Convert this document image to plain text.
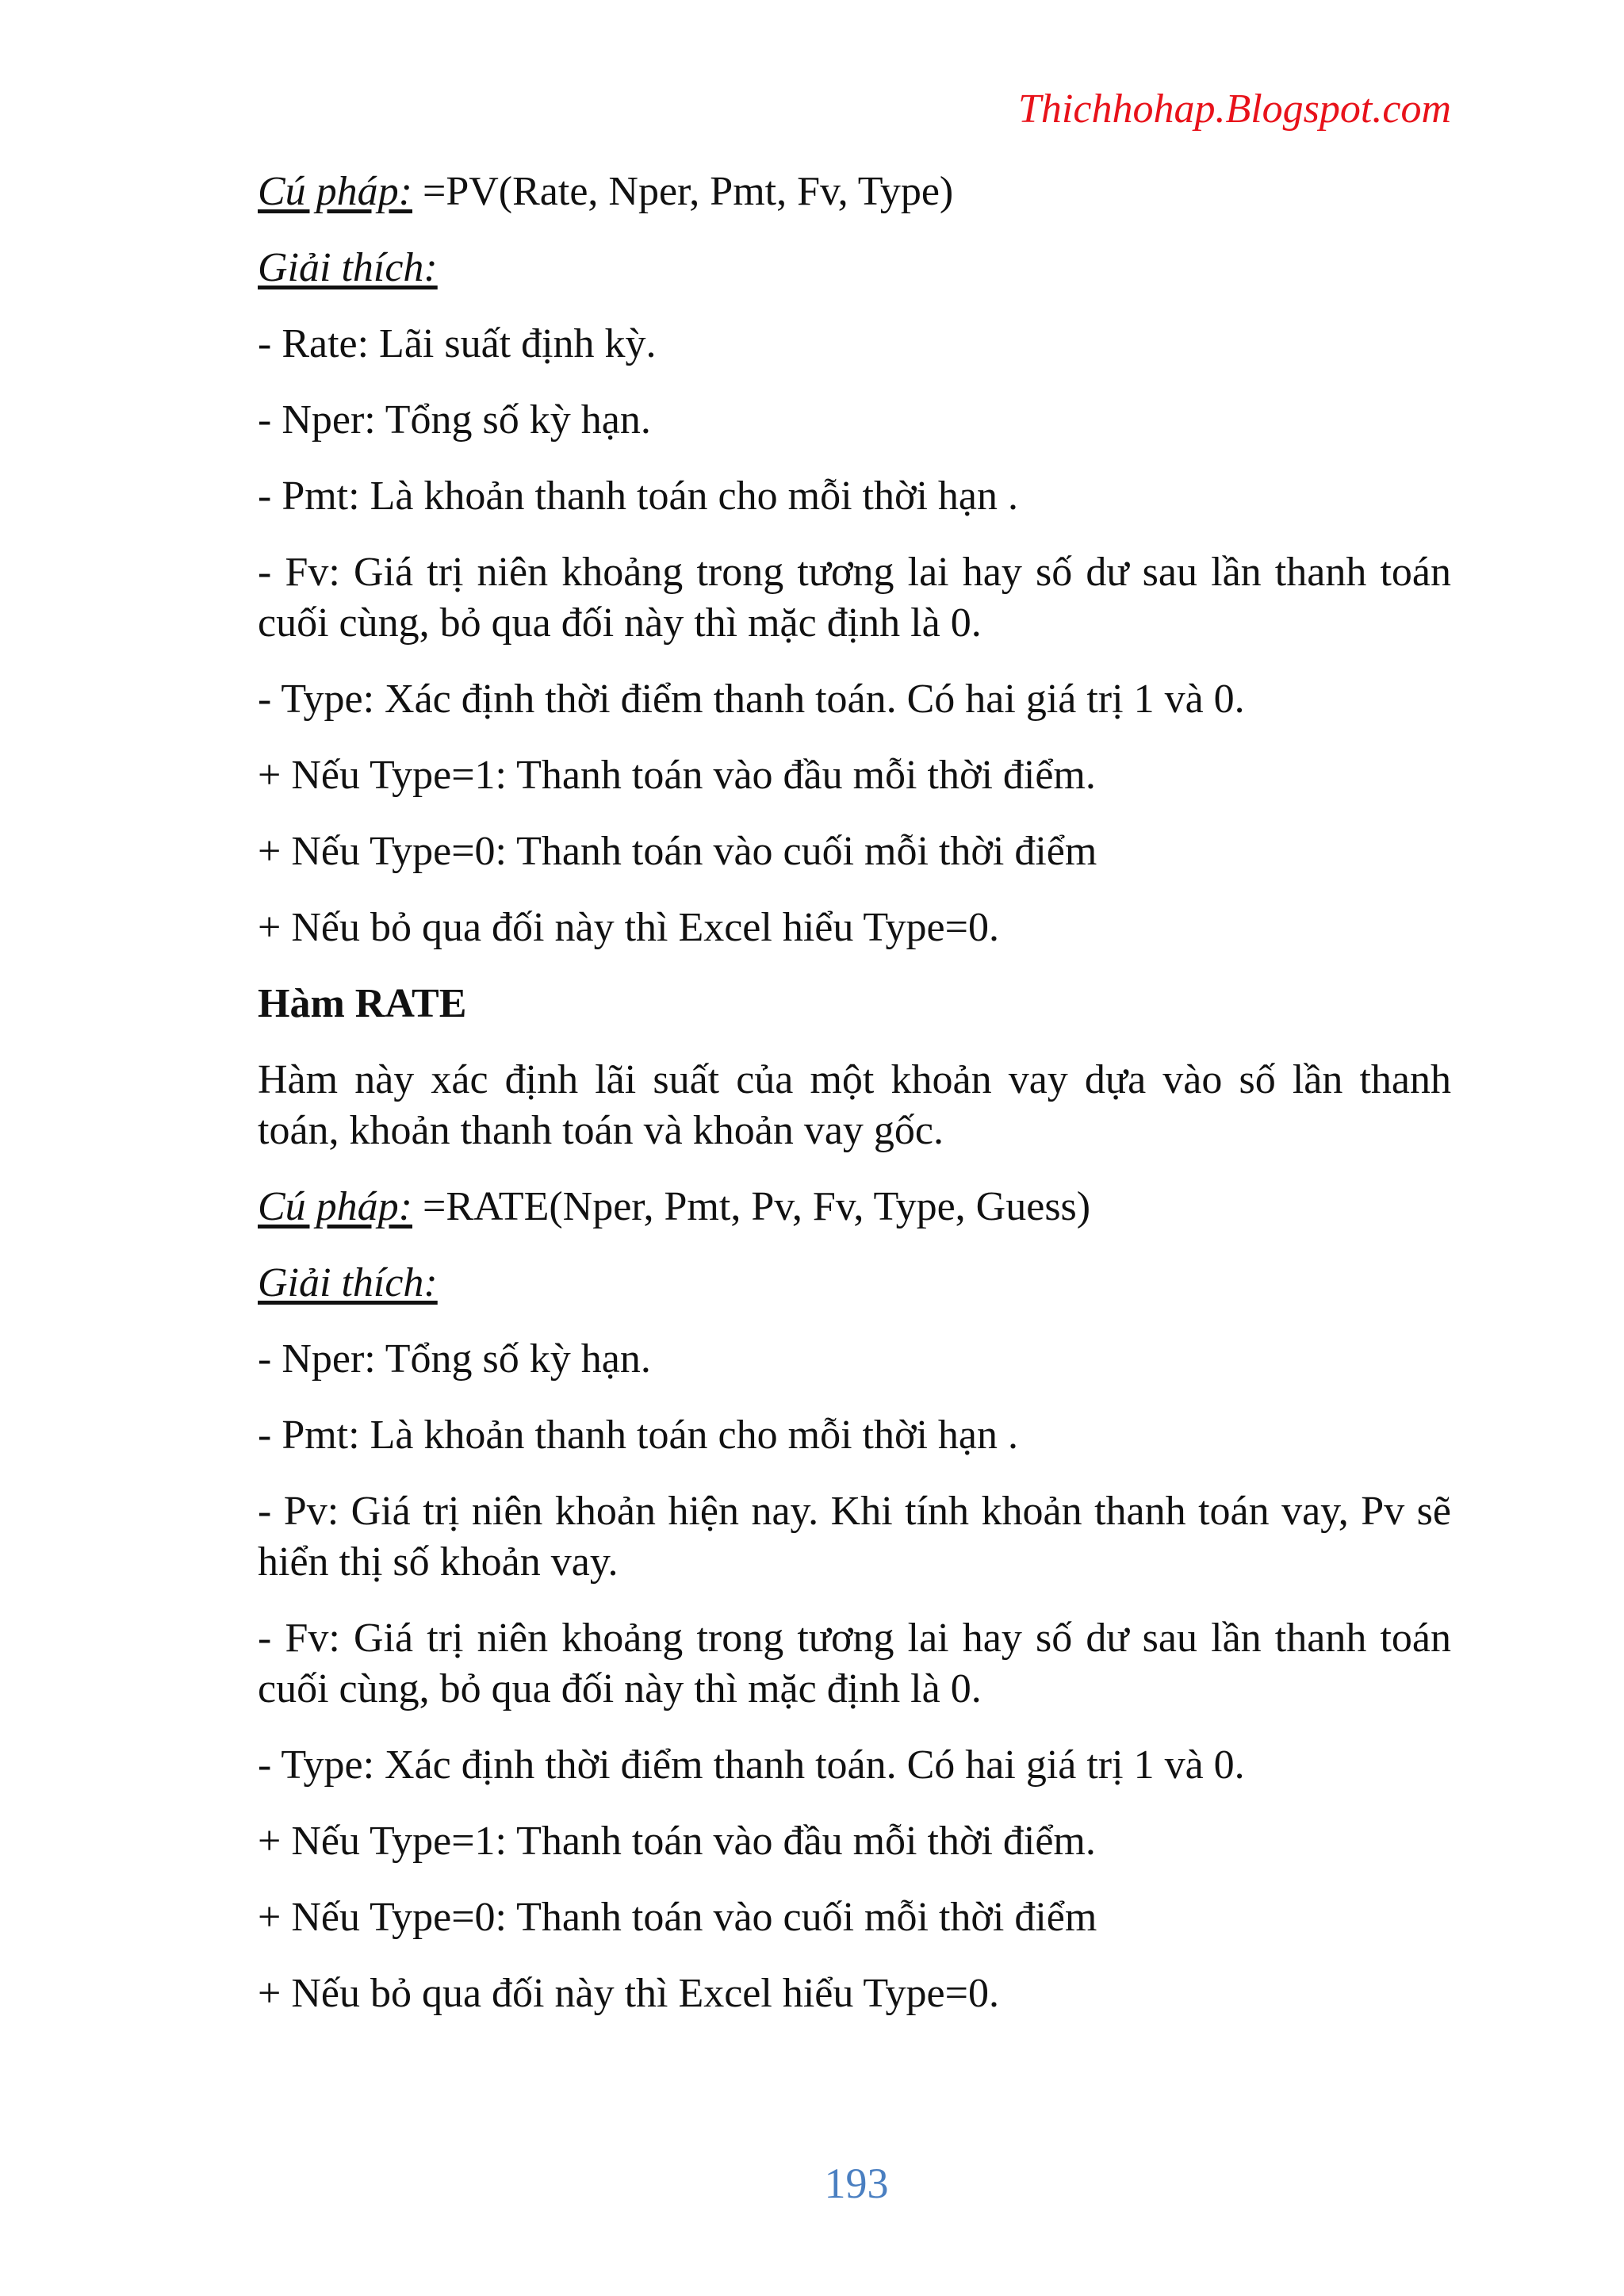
Thichhohap.Blogspot.com

Cú pháp: =PV(Rate, Nper, Pmt, Fv, Type)

Giải thích:

- Rate: Lãi suất định kỳ.

- Nper: Tổng số kỳ hạn.

- Pmt: Là khoản thanh toán cho mỗi thời hạn .

- Fv: Giá trị niên khoảng trong tương lai hay số dư sau lần thanh toán cuối cùng, bỏ qua đối này thì mặc định là 0.

- Type: Xác định thời điểm thanh toán. Có hai giá trị 1 và 0.

+ Nếu Type=1: Thanh toán vào đầu mỗi thời điểm.

+ Nếu Type=0: Thanh toán vào cuối mỗi thời điểm

+ Nếu bỏ qua đối này thì Excel hiểu Type=0.

Hàm RATE

Hàm này xác định lãi suất của một khoản vay dựa vào số lần thanh toán, khoản thanh toán và khoản vay gốc.

Cú pháp: =RATE(Nper, Pmt, Pv, Fv, Type, Guess)

Giải thích:

- Nper: Tổng số kỳ hạn.

- Pmt: Là khoản thanh toán cho mỗi thời hạn .

- Pv: Giá trị niên khoản hiện nay. Khi tính khoản thanh toán vay, Pv sẽ hiển thị số khoản vay.

- Fv: Giá trị niên khoảng trong tương lai hay số dư sau lần thanh toán cuối cùng, bỏ qua đối này thì mặc định là 0.

- Type: Xác định thời điểm thanh toán. Có hai giá trị 1 và 0.

+ Nếu Type=1: Thanh toán vào đầu mỗi thời điểm.

+ Nếu Type=0: Thanh toán vào cuối mỗi thời điểm

+ Nếu bỏ qua đối này thì Excel hiểu Type=0.

193
